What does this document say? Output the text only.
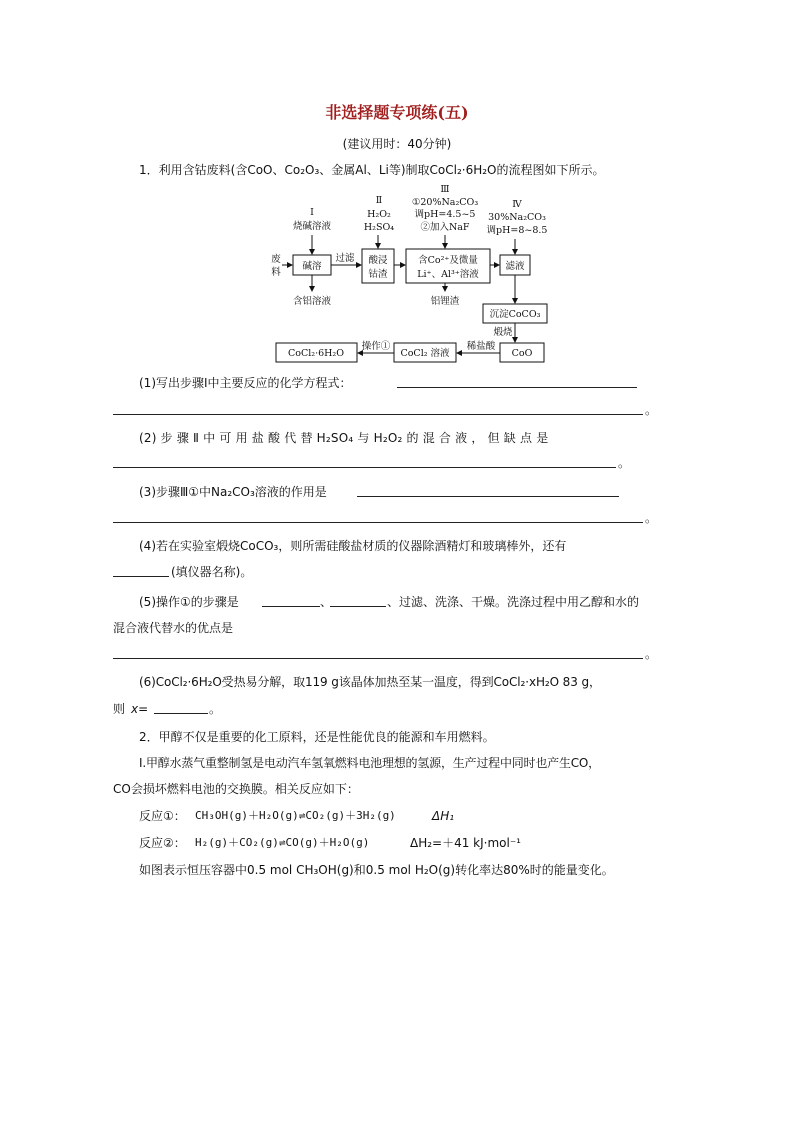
非选择题专项练(五)
(建议用时：40分钟)
1．利用含钴废料(含CoO、Co₂O₃、金属Al、Li等)制取CoCl₂·6H₂O的流程图如下所示。
Ⅰ
Ⅱ
Ⅲ
Ⅳ
烧碱溶液
H₂O₂
H₂SO₄
①20%Na₂CO₃
调pH=4.5~5
②加入NaF
30%Na₂CO₃
调pH=8~8.5
废
料
碱溶
含铝溶液
过滤 酸浸
钴渣
含Co²⁺及微量
Li⁺、Al³⁺溶液
铝锂渣
滤液
沉淀CoCO₃
煅烧
CoO
稀盐酸
CoCl₂ 溶液
操作①
CoCl₂·6H₂O
(1)写出步骤Ⅰ中主要反应的化学方程式：
。
(2) 步 骤 Ⅱ 中 可 用 盐 酸 代 替 H₂SO₄ 与 H₂O₂ 的 混 合 液 ， 但 缺 点 是
。
(3)步骤Ⅲ①中Na₂CO₃溶液的作用是
。
(4)若在实验室煅烧CoCO₃，则所需硅酸盐材质的仪器除酒精灯和玻璃棒外，还有
(填仪器名称)。
(5)操作①的步骤是	、	、过滤、洗涤、干燥。洗涤过程中用乙醇和水的
混合液代替水的优点是
。
(6)CoCl₂·6H₂O受热易分解，取119 g该晶体加热至某一温度，得到CoCl₂·xH₂O 83 g，
则 x=	。
2．甲醇不仅是重要的化工原料，还是性能优良的能源和车用燃料。
Ⅰ.甲醇水蒸气重整制氢是电动汽车氢氧燃料电池理想的氢源，生产过程中同时也产生CO，
CO会损坏燃料电池的交换膜。相关反应如下：
反应①： CH₃OH(g)＋H₂O(g)⇌CO₂(g)＋3H₂(g)	ΔH₁
反应②： H₂(g)＋CO₂(g)⇌CO(g)＋H₂O(g)	ΔH₂=＋41 kJ·mol⁻¹
如图表示恒压容器中0.5 mol CH₃OH(g)和0.5 mol H₂O(g)转化率达80%时的能量变化。
